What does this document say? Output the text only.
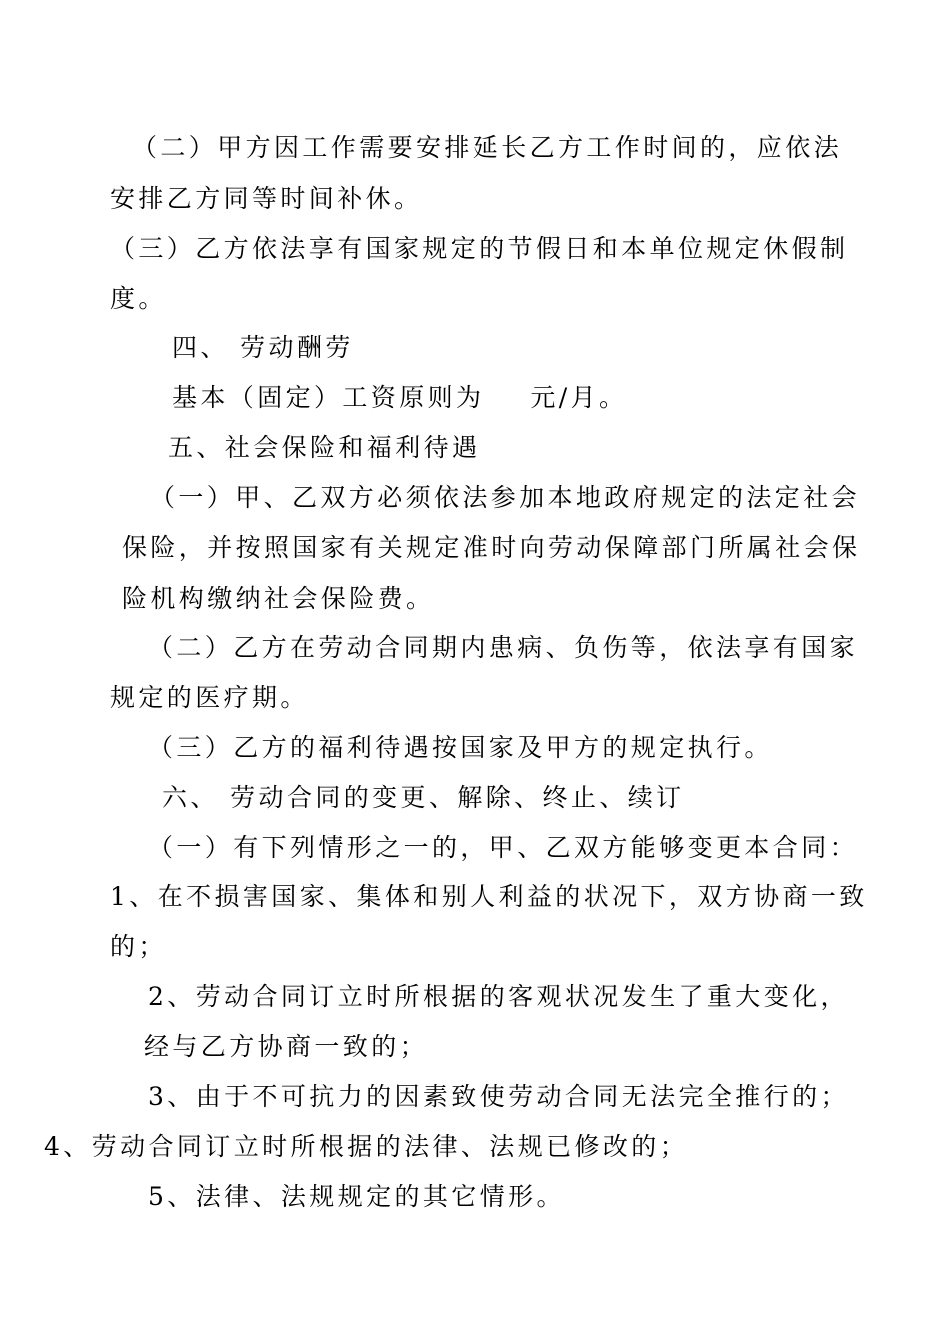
（二）甲方因工作需要安排延长乙方工作时间的，应依法
安排乙方同等时间补休。
（三）乙方依法享有国家规定的节假日和本单位规定休假制
度。
四、 劳动酬劳
基本（固定）工资原则为 元/月。
五、社会保险和福利待遇
（一）甲、乙双方必须依法参加本地政府规定的法定社会
保险，并按照国家有关规定准时向劳动保障部门所属社会保
险机构缴纳社会保险费。
（二）乙方在劳动合同期内患病、负伤等，依法享有国家
规定的医疗期。
（三）乙方的福利待遇按国家及甲方的规定执行。
六、 劳动合同的变更、解除、终止、续订
（一）有下列情形之一的，甲、乙双方能够变更本合同：
1、在不损害国家、集体和别人利益的状况下，双方协商一致
的；
2、劳动合同订立时所根据的客观状况发生了重大变化，
经与乙方协商一致的；
3、由于不可抗力的因素致使劳动合同无法完全推行的；
4、劳动合同订立时所根据的法律、法规已修改的；
5、法律、法规规定的其它情形。
